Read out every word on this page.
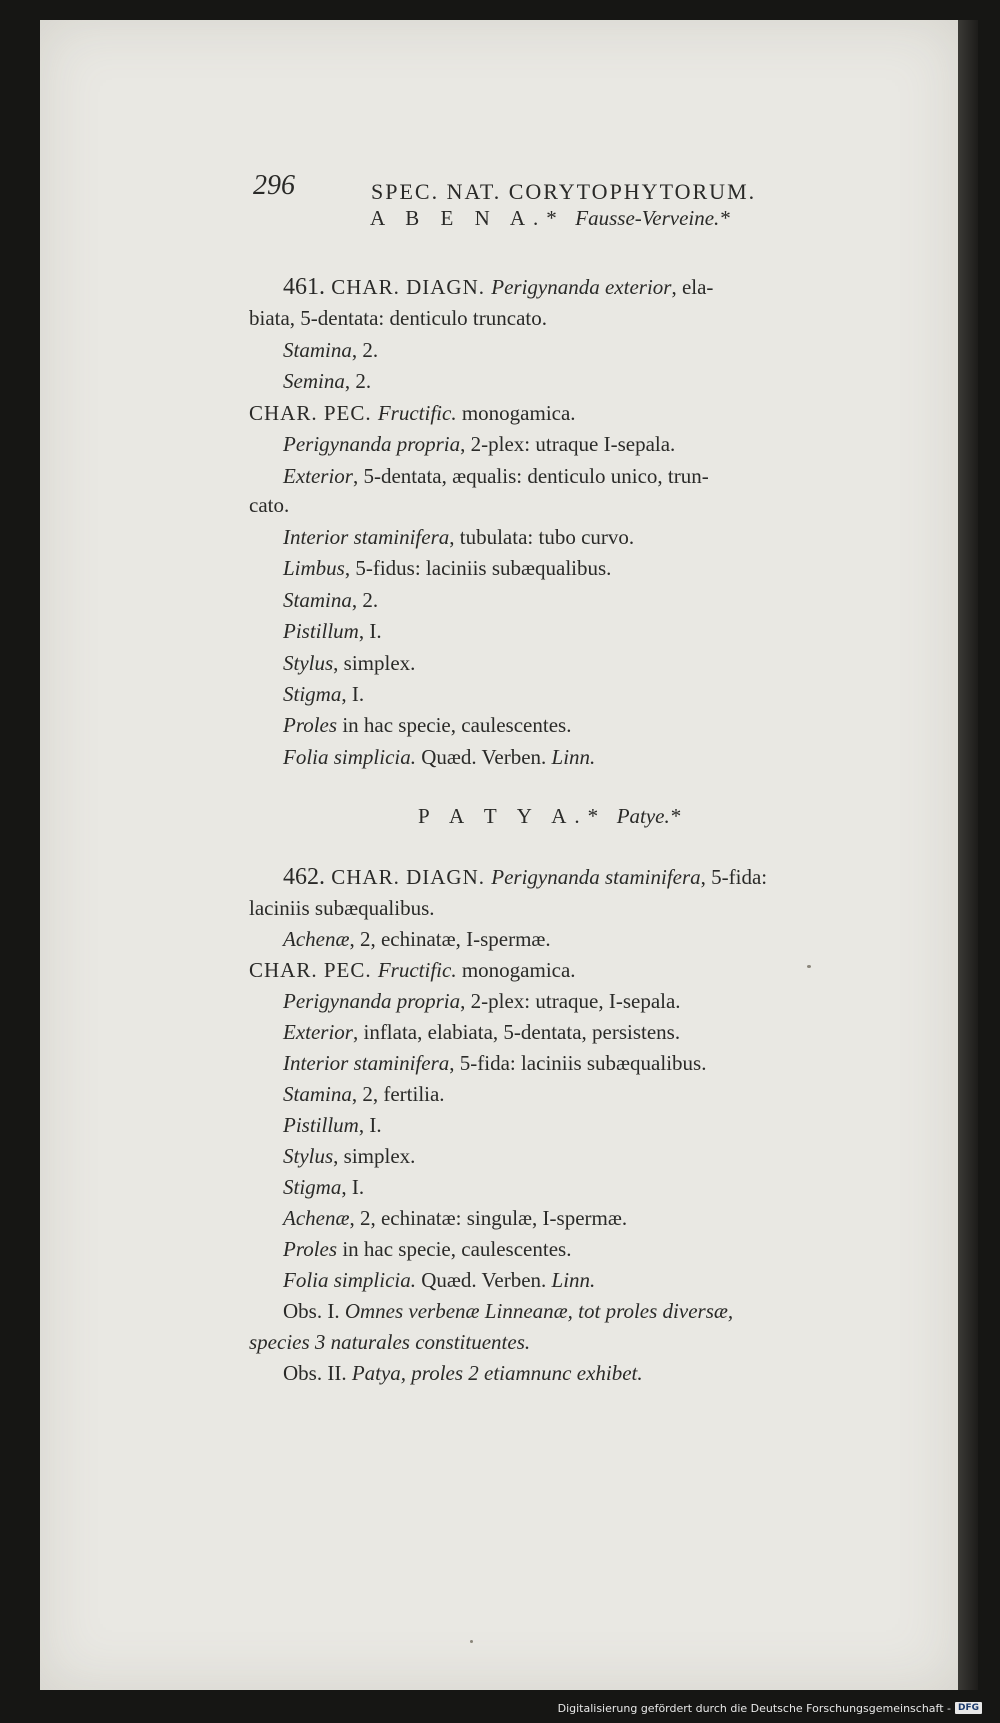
296	SPEC. NAT. CORYTOPHYTORUM.
A B E N A.*  Fausse-Verveine.*
461. CHAR. DIAGN. Perigynanda exterior, ela-
biata, 5-dentata: denticulo truncato.
Stamina, 2.
Semina, 2.
CHAR. PEC. Fructific. monogamica.
Perigynanda propria, 2-plex: utraque I-sepala.
Exterior, 5-dentata, æqualis: denticulo unico, trun-
cato.
Interior staminifera, tubulata: tubo curvo.
Limbus, 5-fidus: laciniis subæqualibus.
Stamina, 2.
Pistillum, I.
Stylus, simplex.
Stigma, I.
Proles in hac specie, caulescentes.
Folia simplicia. Quæd. Verben. Linn.
P A T Y A.*  Patye.*
462. CHAR. DIAGN. Perigynanda staminifera, 5-fida:
laciniis subæqualibus.
Achenæ, 2, echinatæ, I-spermæ.
CHAR. PEC. Fructific. monogamica.
Perigynanda propria, 2-plex: utraque, I-sepala.
Exterior, inflata, elabiata, 5-dentata, persistens.
Interior staminifera, 5-fida: laciniis subæqualibus.
Stamina, 2, fertilia.
Pistillum, I.
Stylus, simplex.
Stigma, I.
Achenæ, 2, echinatæ: singulæ, I-spermæ.
Proles in hac specie, caulescentes.
Folia simplicia. Quæd. Verben. Linn.
Obs. I. Omnes verbenæ Linneanæ, tot proles diversæ,
species 3 naturales constituentes.
Obs. II. Patya, proles 2 etiamnunc exhibet.
Digitalisierung gefördert durch die Deutsche Forschungsgemeinschaft - DFG
